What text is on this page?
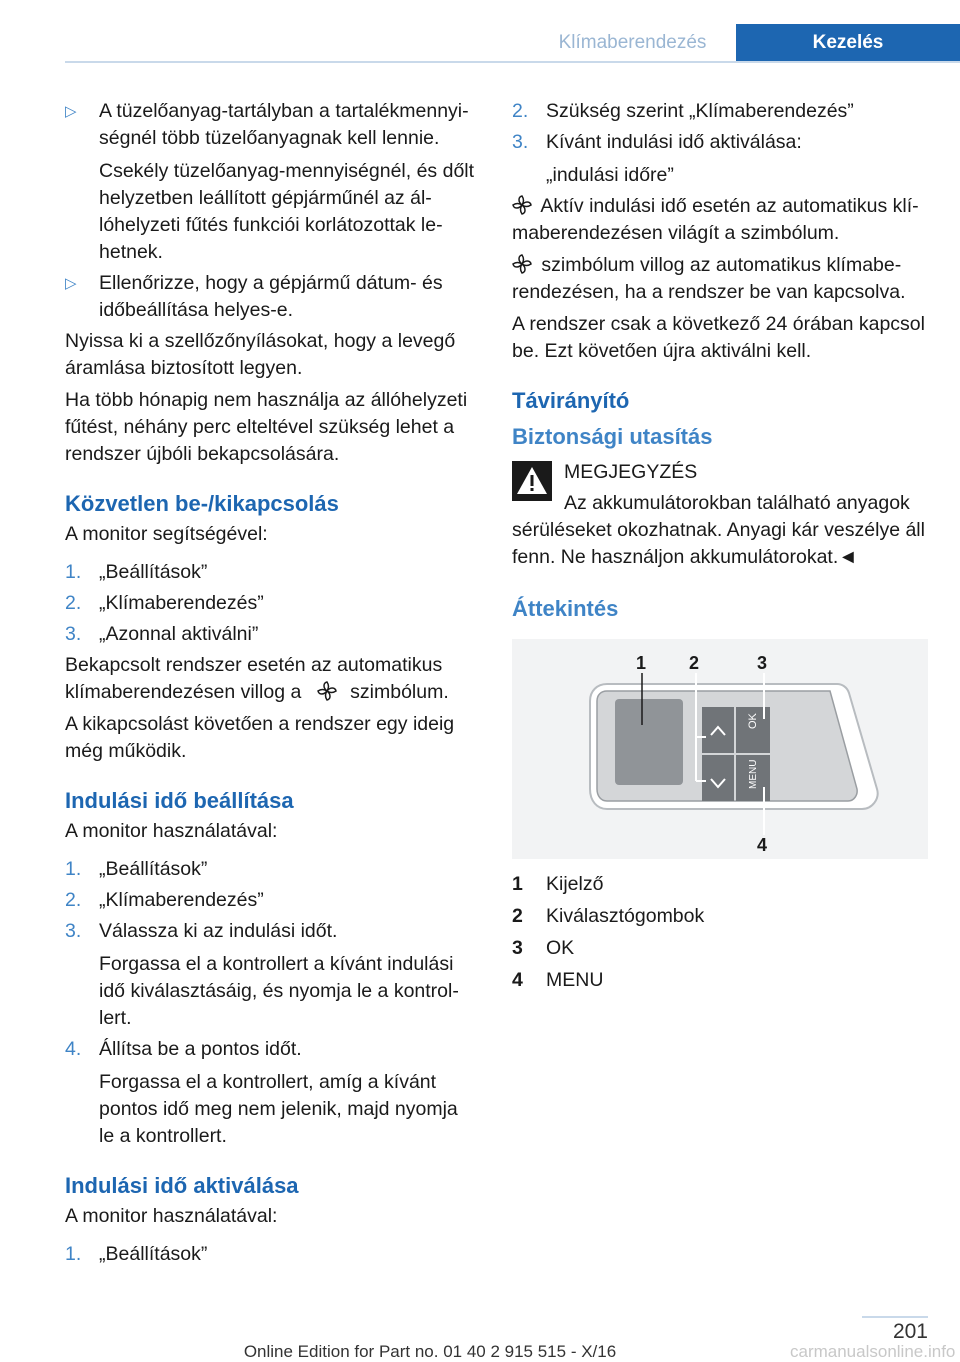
Klímaberendezés	Kezelés
▷ A tüzelőanyag-tartályban a tartalékmennyiségnél több tüzelőanyagnak kell lennie.
Csekély tüzelőanyag-mennyiségnél, és dőlt helyzetben leállított gépjárműnél az állóhelyzeti fűtés funkciói korlátozottak lehetnek.
▷ Ellenőrizze, hogy a gépjármű dátum- és időbeállítása helyes-e.

Nyissa ki a szellőzőnyílásokat, hogy a levegő áramlása biztosított legyen.

Ha több hónapig nem használja az állóhelyzeti fűtést, néhány perc elteltével szükség lehet a rendszer újbóli bekapcsolására.

Közvetlen be-/kikapcsolás

A monitor segítségével:

1. „Beállítások”
2. „Klímaberendezés”
3. „Azonnal aktiválni”

Bekapcsolt rendszer esetén az automatikus klímaberendezésen villog a	szimbólum.

A kikapcsolást követően a rendszer egy ideig még működik.

Indulási idő beállítása

A monitor használatával:

1. „Beállítások”
2. „Klímaberendezés”
3. Válassza ki az indulási időt.
Forgassa el a kontrollert a kívánt indulási idő kiválasztásáig, és nyomja le a kontrollert.
4. Állítsa be a pontos időt.
Forgassa el a kontrollert, amíg a kívánt pontos idő meg nem jelenik, majd nyomja le a kontrollert.
Indulási idő aktiválása

A monitor használatával:

1. „Beállítások”
2. Szükség szerint „Klímaberendezés”
3. Kívánt indulási idő aktiválása:
„indulási időre”

Aktív indulási idő esetén az automatikus klímaberendezésen világít a szimbólum.

szimbólum villog az automatikus klímaberendezésen, ha a rendszer be van kapcsolva.

A rendszer csak a következő 24 órában kapcsol be. Ezt követően újra aktiválni kell.

Távirányító
Biztonsági utasítás
MEGJEGYZÉS
Az akkumulátorokban található anyagok sérüléseket okozhatnak. Anyagi kár veszélye áll fenn. Ne használjon akkumulátorokat.◄
Áttekintés
OK
MENU
1 2	3
4
1 Kijelző
2 Kiválasztógombok
3 OK
4 MENU
201
Online Edition for Part no. 01 40 2 915 515 - X/16	carmanualsonline.info
